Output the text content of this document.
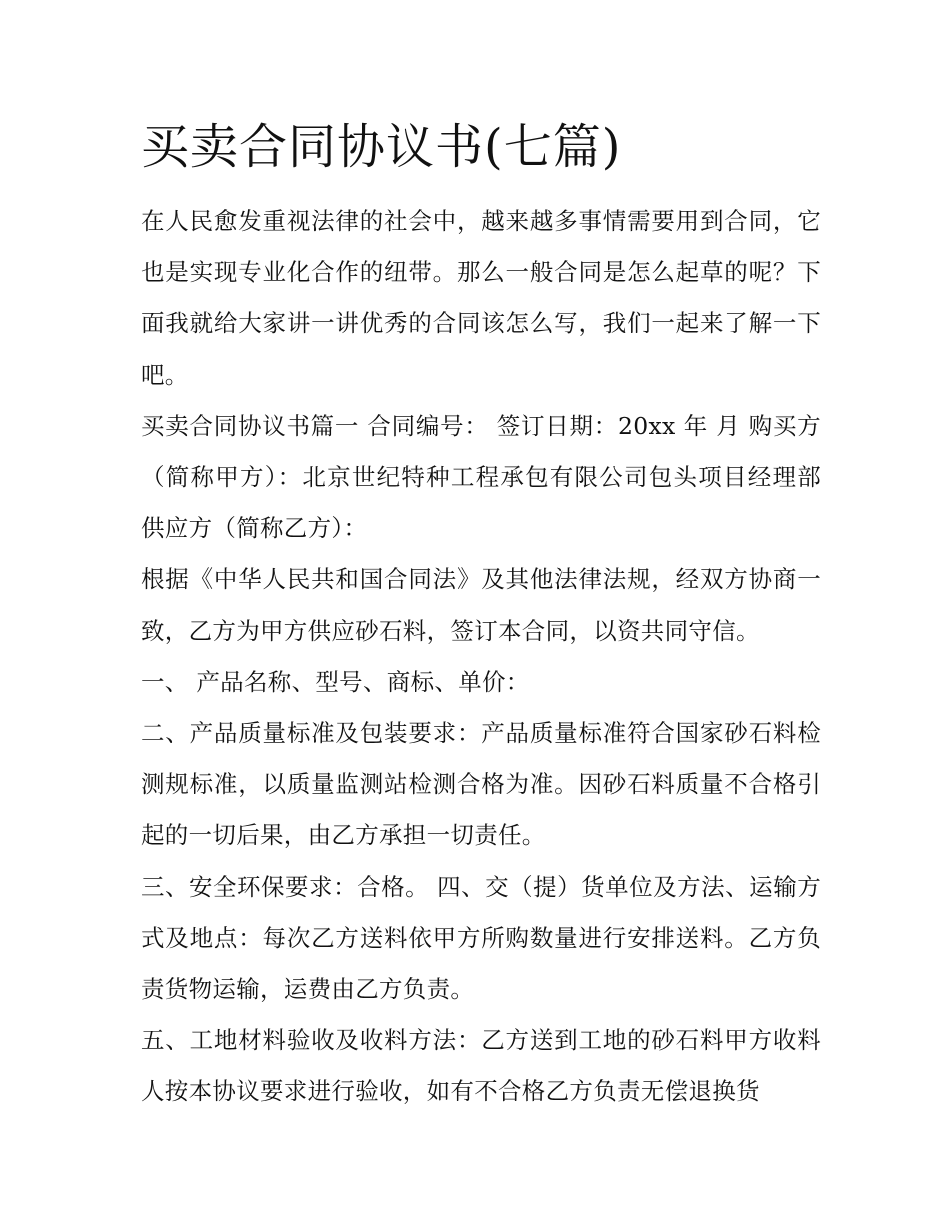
买卖合同协议书(七篇)

在人民愈发重视法律的社会中，越来越多事情需要用到合同，它也是实现专业化合作的纽带。那么一般合同是怎么起草的呢？下面我就给大家讲一讲优秀的合同该怎么写，我们一起来了解一下吧。

买卖合同协议书篇一 合同编号： 签订日期：20xx 年 月 购买方（简称甲方）：北京世纪特种工程承包有限公司包头项目经理部 供应方（简称乙方）：

根据《中华人民共和国合同法》及其他法律法规，经双方协商一致，乙方为甲方供应砂石料，签订本合同，以资共同守信。

一、 产品名称、型号、商标、单价：

二、产品质量标准及包装要求：产品质量标准符合国家砂石料检测规标准，以质量监测站检测合格为准。因砂石料质量不合格引起的一切后果，由乙方承担一切责任。

三、安全环保要求：合格。 四、交（提）货单位及方法、运输方式及地点：每次乙方送料依甲方所购数量进行安排送料。乙方负责货物运输，运费由乙方负责。

五、工地材料验收及收料方法：乙方送到工地的砂石料甲方收料人按本协议要求进行验收，如有不合格乙方负责无偿退换货
